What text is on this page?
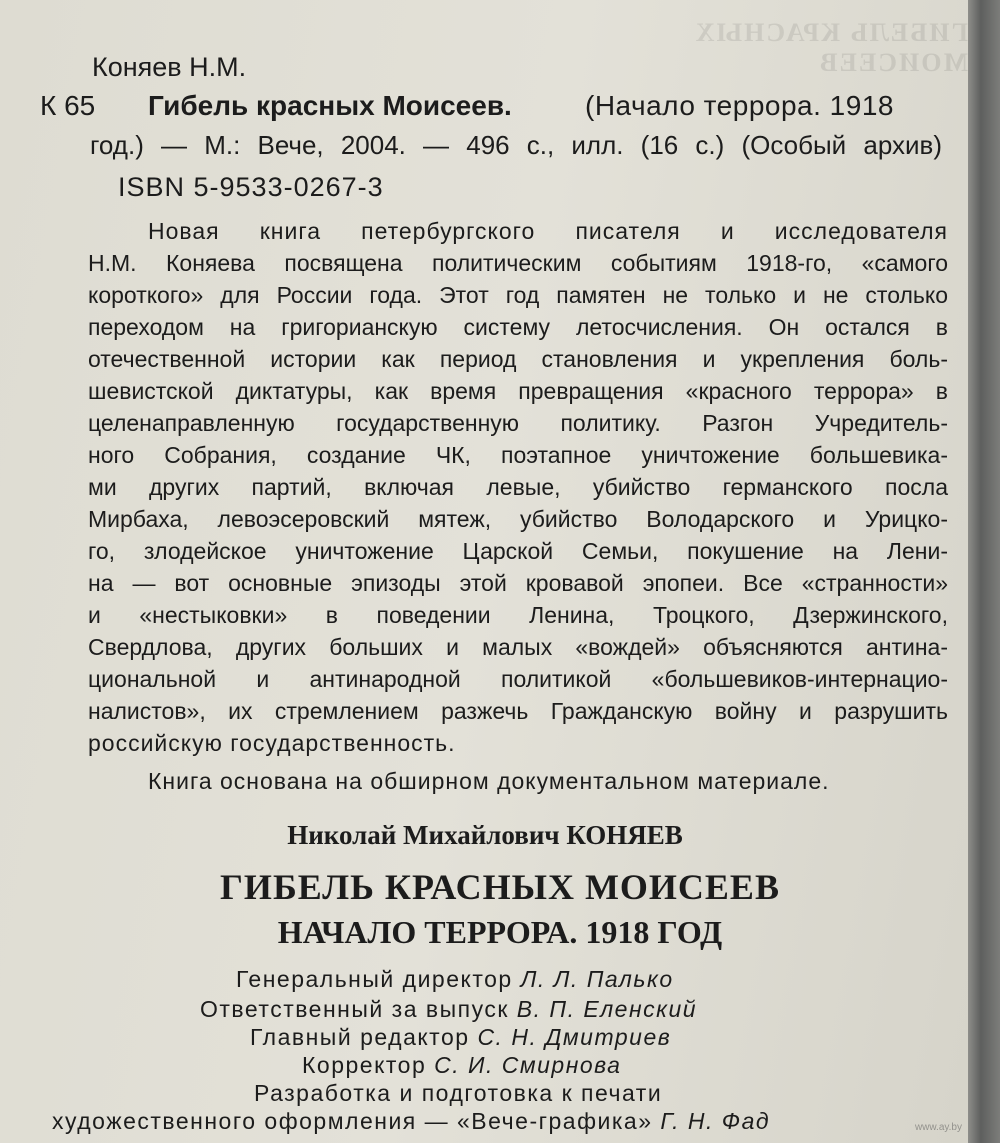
ГИБЕЛЬ КРАСНЫХ МОИСЕЕВ
Коняев Н.М.
К 65 Гибель красных Моисеев.	(Начало террора. 1918
год.) — М.: Вече, 2004. — 496 с., илл. (16 с.) (Особый архив)
ISBN 5-9533-0267-3
Новая книга петербургского писателя и исследователя
Н.М. Коняева посвящена политическим событиям 1918-го, «самого
короткого» для России года. Этот год памятен не только и не столько
переходом на григорианскую систему летосчисления. Он остался в
отечественной истории как период становления и укрепления боль-
шевистской диктатуры, как время превращения «красного террора» в
целенаправленную государственную политику. Разгон Учредитель-
ного Собрания, создание ЧК, поэтапное уничтожение большевика-
ми других партий, включая левые, убийство германского посла
Мирбаха, левоэсеровский мятеж, убийство Володарского и Урицко-
го, злодейское уничтожение Царской Семьи, покушение на Лени-
на — вот основные эпизоды этой кровавой эпопеи. Все «странности»
и «нестыковки» в поведении Ленина, Троцкого, Дзержинского,
Свердлова, других больших и малых «вождей» объясняются антина-
циональной и антинародной политикой «большевиков-интернацио-
налистов», их стремлением разжечь Гражданскую войну и разрушить
российскую государственность.
Книга основана на обширном документальном материале.
Николай Михайлович КОНЯЕВ
ГИБЕЛЬ КРАСНЫХ МОИСЕЕВ
НАЧАЛО ТЕРРОРА. 1918 ГОД
Генеральный директор Л. Л. Палько
Ответственный за выпуск В. П. Еленский
Главный редактор С. Н. Дмитриев
Корректор С. И. Смирнова
Разработка и подготовка к печати
художественного оформления — «Вече-графика» Г. Н. Фад	www.ay.by
